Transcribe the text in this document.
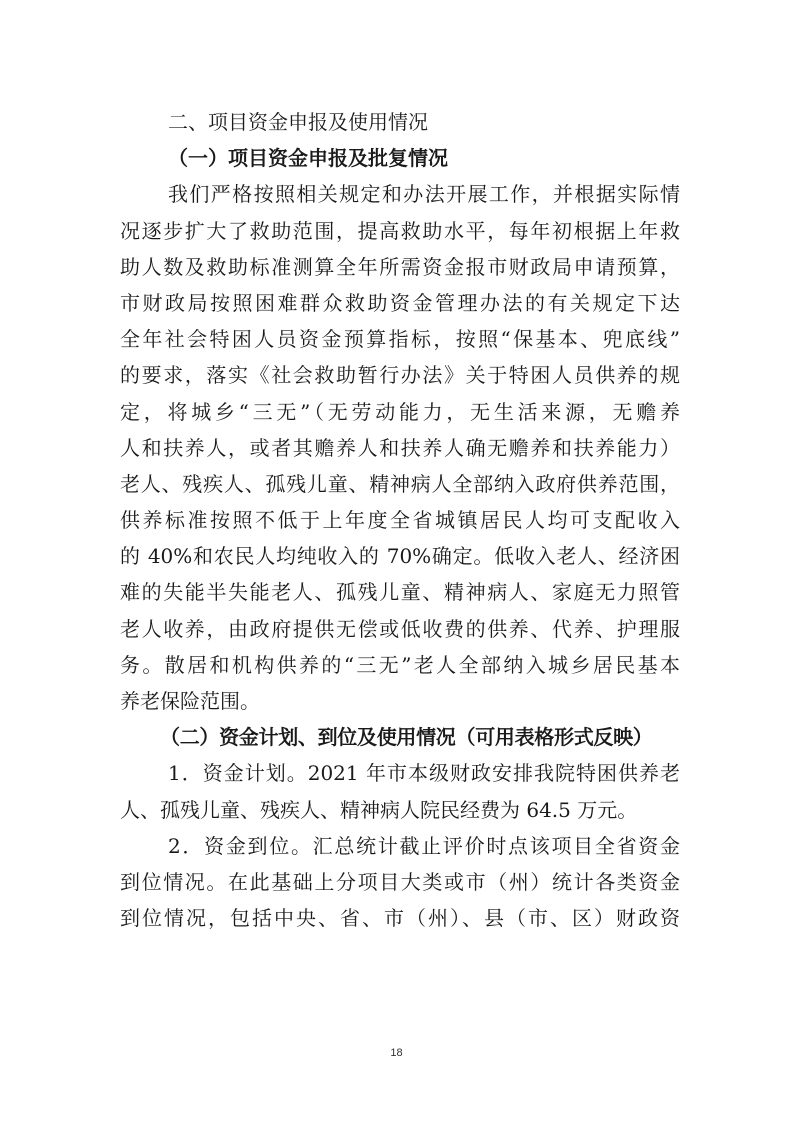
二、项目资金申报及使用情况
（一）项目资金申报及批复情况
我们严格按照相关规定和办法开展工作，并根据实际情
况逐步扩大了救助范围，提高救助水平，每年初根据上年救
助人数及救助标准测算全年所需资金报市财政局申请预算，
市财政局按照困难群众救助资金管理办法的有关规定下达
全年社会特困人员资金预算指标，按照“保基本、兜底线”
的要求，落实《社会救助暂行办法》关于特困人员供养的规
定，将城乡“三无”（无劳动能力，无生活来源，无赡养
人和扶养人，或者其赡养人和扶养人确无赡养和扶养能力）
老人、残疾人、孤残儿童、精神病人全部纳入政府供养范围，
供养标准按照不低于上年度全省城镇居民人均可支配收入
的 40%和农民人均纯收入的 70%确定。低收入老人、经济困
难的失能半失能老人、孤残儿童、精神病人、家庭无力照管
老人收养，由政府提供无偿或低收费的供养、代养、护理服
务。散居和机构供养的“三无”老人全部纳入城乡居民基本
养老保险范围。
（二）资金计划、到位及使用情况（可用表格形式反映）
1．资金计划。2021 年市本级财政安排我院特困供养老
人、孤残儿童、残疾人、精神病人院民经费为 64.5 万元。
2．资金到位。汇总统计截止评价时点该项目全省资金
到位情况。在此基础上分项目大类或市（州）统计各类资金
到位情况，包括中央、省、市（州）、县（市、区）财政资
18
